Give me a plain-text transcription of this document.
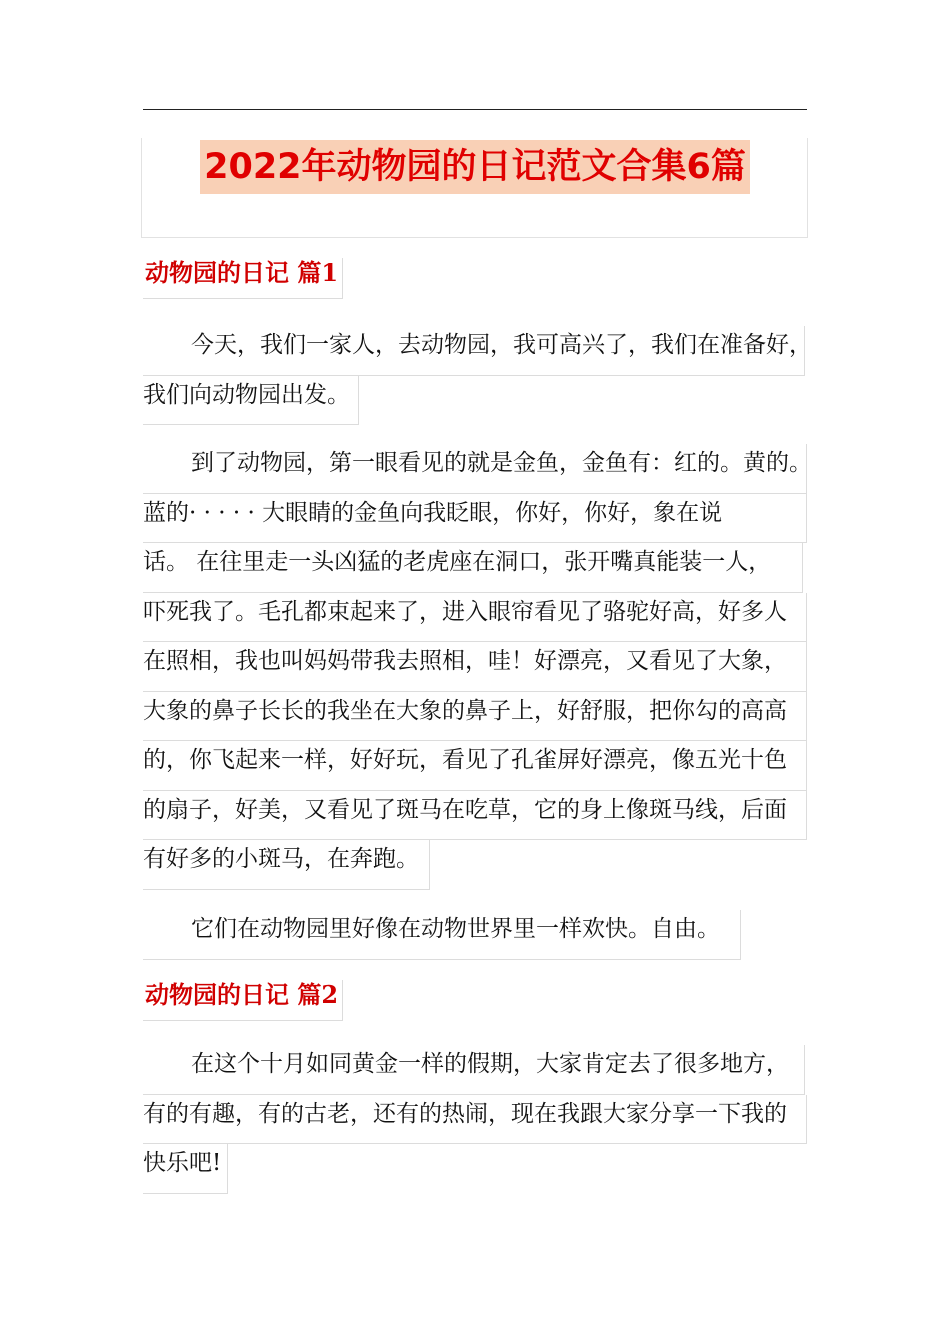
2022年动物园的日记范文合集6篇
动物园的日记 篇1
今天，我们一家人，去动物园，我可高兴了，我们在准备好，
我们向动物园出发。
到了动物园，第一眼看见的就是金鱼，金鱼有：红的。黄的。
蓝的· · · · · 大眼睛的金鱼向我眨眼，你好，你好，象在说
话。 在往里走一头凶猛的老虎座在洞口，张开嘴真能装一人，
吓死我了。毛孔都束起来了，进入眼帘看见了骆驼好高，好多人
在照相，我也叫妈妈带我去照相，哇！好漂亮，又看见了大象，
大象的鼻子长长的我坐在大象的鼻子上，好舒服，把你勾的高高
的，你飞起来一样，好好玩，看见了孔雀屏好漂亮，像五光十色
的扇子，好美，又看见了斑马在吃草，它的身上像斑马线，后面
有好多的小斑马，在奔跑。
它们在动物园里好像在动物世界里一样欢快。自由。
动物园的日记 篇2
在这个十月如同黄金一样的假期，大家肯定去了很多地方，
有的有趣，有的古老，还有的热闹，现在我跟大家分享一下我的
快乐吧!
